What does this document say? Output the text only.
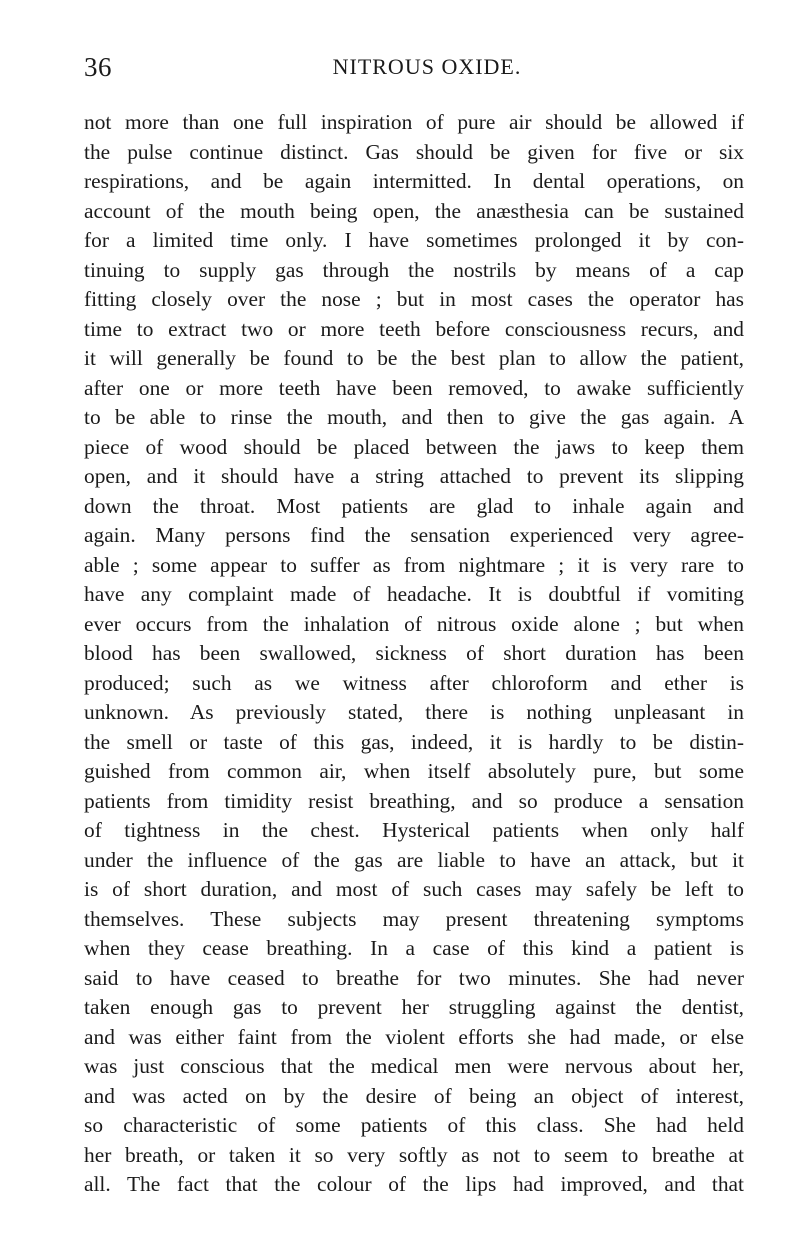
36	NITROUS OXIDE.
not more than one full inspiration of pure air should be allowed if
the pulse continue distinct. Gas should be given for five or six
respirations, and be again intermitted. In dental operations, on
account of the mouth being open, the anæsthesia can be sustained
for a limited time only. I have sometimes prolonged it by con-
tinuing to supply gas through the nostrils by means of a cap
fitting closely over the nose ; but in most cases the operator has
time to extract two or more teeth before consciousness recurs, and
it will generally be found to be the best plan to allow the patient,
after one or more teeth have been removed, to awake sufficiently
to be able to rinse the mouth, and then to give the gas again. A
piece of wood should be placed between the jaws to keep them
open, and it should have a string attached to prevent its slipping
down the throat. Most patients are glad to inhale again and
again. Many persons find the sensation experienced very agree-
able ; some appear to suffer as from nightmare ; it is very rare to
have any complaint made of headache. It is doubtful if vomiting
ever occurs from the inhalation of nitrous oxide alone ; but when
blood has been swallowed, sickness of short duration has been
produced; such as we witness after chloroform and ether is
unknown. As previously stated, there is nothing unpleasant in
the smell or taste of this gas, indeed, it is hardly to be distin-
guished from common air, when itself absolutely pure, but some
patients from timidity resist breathing, and so produce a sensation
of tightness in the chest. Hysterical patients when only half
under the influence of the gas are liable to have an attack, but it
is of short duration, and most of such cases may safely be left to
themselves. These subjects may present threatening symptoms
when they cease breathing. In a case of this kind a patient is
said to have ceased to breathe for two minutes. She had never
taken enough gas to prevent her struggling against the dentist,
and was either faint from the violent efforts she had made, or else
was just conscious that the medical men were nervous about her,
and was acted on by the desire of being an object of interest,
so characteristic of some patients of this class. She had held
her breath, or taken it so very softly as not to seem to breathe at
all. The fact that the colour of the lips had improved, and that
